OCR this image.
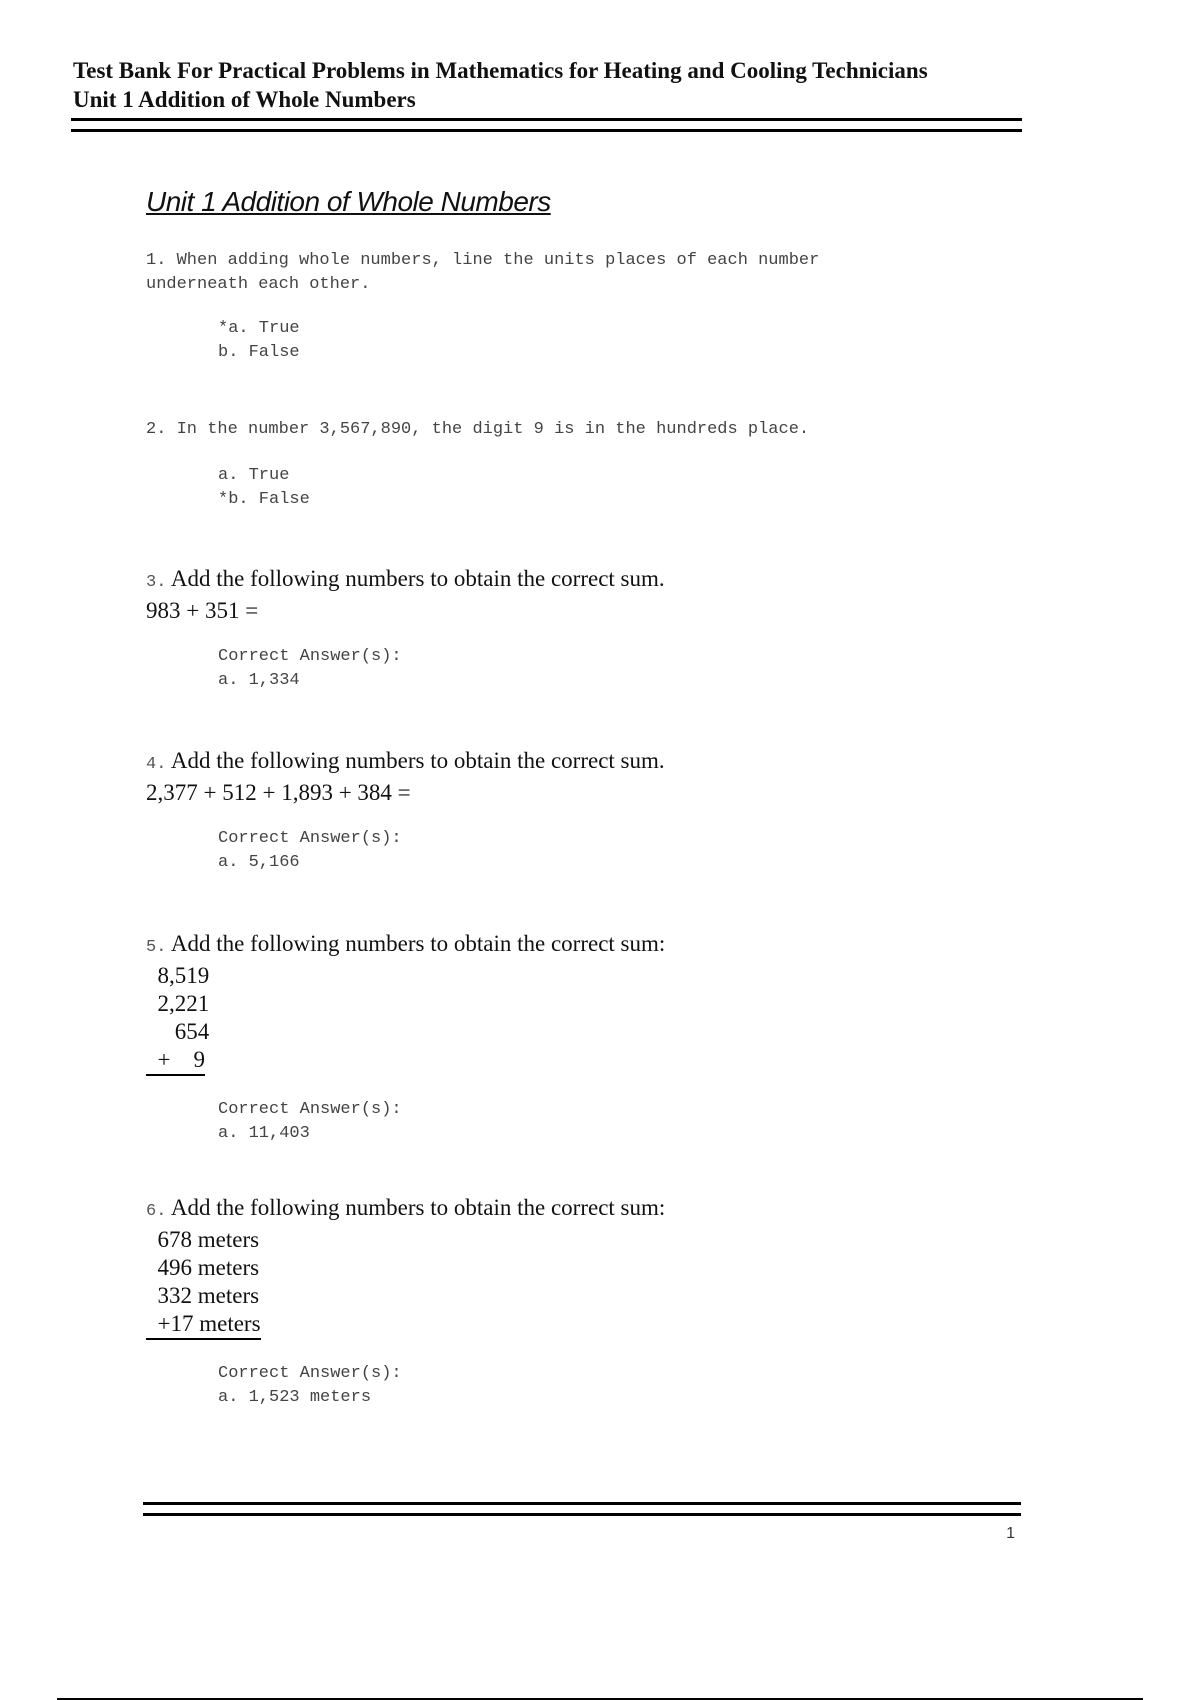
Test Bank For Practical Problems in Mathematics for Heating and Cooling Technicians
Unit 1 Addition of Whole Numbers
Unit 1 Addition of Whole Numbers
1. When adding whole numbers, line the units places of each number
underneath each other.
*a. True
b. False
2. In the number 3,567,890, the digit 9 is in the hundreds place.
a. True
*b. False
3. Add the following numbers to obtain the correct sum.
983 + 351 =
Correct Answer(s):
a. 1,334
4. Add the following numbers to obtain the correct sum.
2,377 + 512 + 1,893 + 384 =
Correct Answer(s):
a. 5,166
5. Add the following numbers to obtain the correct sum:
8,519
2,221
654
+    9
Correct Answer(s):
a. 11,403
6. Add the following numbers to obtain the correct sum:
678 meters
496 meters
332 meters
+17 meters
Correct Answer(s):
a. 1,523 meters
1
